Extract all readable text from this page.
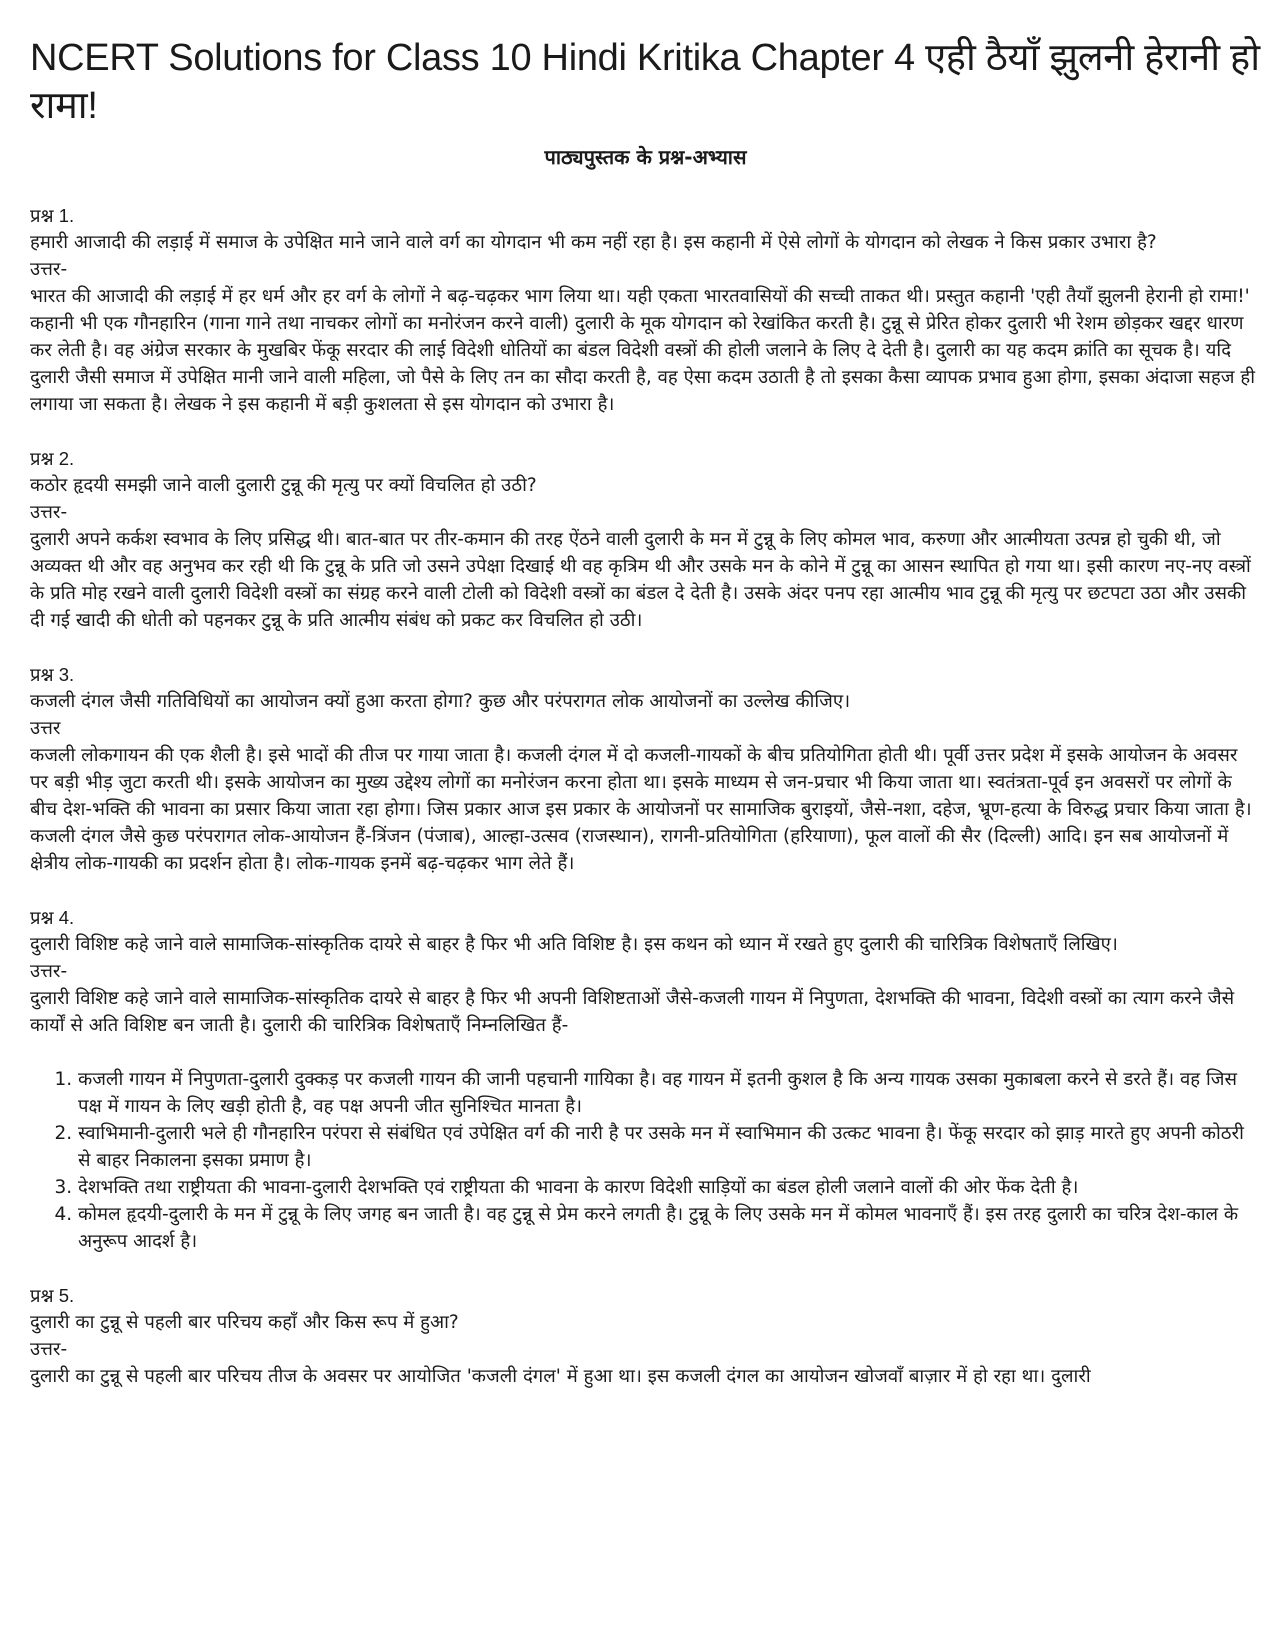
NCERT Solutions for Class 10 Hindi Kritika Chapter 4 एही ठैयाँ झुलनी हेरानी हो रामा!
पाठ्यपुस्तक के प्रश्न-अभ्यास

प्रश्न 1.

हमारी आजादी की लड़ाई में समाज के उपेक्षित माने जाने वाले वर्ग का योगदान भी कम नहीं रहा है। इस कहानी में ऐसे लोगों के योगदान को लेखक ने किस प्रकार उभारा है?

उत्तर-

भारत की आजादी की लड़ाई में हर धर्म और हर वर्ग के लोगों ने बढ़-चढ़कर भाग लिया था। यही एकता भारतवासियों की सच्ची ताकत थी। प्रस्तुत कहानी 'एही तैयाँ झुलनी हेरानी हो रामा!' कहानी भी एक गौनहारिन (गाना गाने तथा नाचकर लोगों का मनोरंजन करने वाली) दुलारी के मूक योगदान को रेखांकित करती है। टुन्नू से प्रेरित होकर दुलारी भी रेशम छोड़कर खद्दर धारण कर लेती है। वह अंग्रेज सरकार के मुखबिर फेंकू सरदार की लाई विदेशी धोतियों का बंडल विदेशी वस्त्रों की होली जलाने के लिए दे देती है। दुलारी का यह कदम क्रांति का सूचक है। यदि दुलारी जैसी समाज में उपेक्षित मानी जाने वाली महिला, जो पैसे के लिए तन का सौदा करती है, वह ऐसा कदम उठाती है तो इसका कैसा व्यापक प्रभाव हुआ होगा, इसका अंदाजा सहज ही लगाया जा सकता है। लेखक ने इस कहानी में बड़ी कुशलता से इस योगदान को उभारा है।

प्रश्न 2.

कठोर हृदयी समझी जाने वाली दुलारी टुन्नू की मृत्यु पर क्यों विचलित हो उठी?

उत्तर-

दुलारी अपने कर्कश स्वभाव के लिए प्रसिद्ध थी। बात-बात पर तीर-कमान की तरह ऐंठने वाली दुलारी के मन में टुन्नू के लिए कोमल भाव, करुणा और आत्मीयता उत्पन्न हो चुकी थी, जो अव्यक्त थी और वह अनुभव कर रही थी कि टुन्नू के प्रति जो उसने उपेक्षा दिखाई थी वह कृत्रिम थी और उसके मन के कोने में टुन्नू का आसन स्थापित हो गया था। इसी कारण नए-नए वस्त्रों के प्रति मोह रखने वाली दुलारी विदेशी वस्त्रों का संग्रह करने वाली टोली को विदेशी वस्त्रों का बंडल दे देती है। उसके अंदर पनप रहा आत्मीय भाव टुन्नू की मृत्यु पर छटपटा उठा और उसकी दी गई खादी की धोती को पहनकर टुन्नू के प्रति आत्मीय संबंध को प्रकट कर विचलित हो उठी।

प्रश्न 3.

कजली दंगल जैसी गतिविधियों का आयोजन क्यों हुआ करता होगा? कुछ और परंपरागत लोक आयोजनों का उल्लेख कीजिए।

उत्तर

कजली लोकगायन की एक शैली है। इसे भादों की तीज पर गाया जाता है। कजली दंगल में दो कजली-गायकों के बीच प्रतियोगिता होती थी। पूर्वी उत्तर प्रदेश में इसके आयोजन के अवसर पर बड़ी भीड़ जुटा करती थी। इसके आयोजन का मुख्य उद्देश्य लोगों का मनोरंजन करना होता था। इसके माध्यम से जन-प्रचार भी किया जाता था। स्वतंत्रता-पूर्व इन अवसरों पर लोगों के बीच देश-भक्ति की भावना का प्रसार किया जाता रहा होगा। जिस प्रकार आज इस प्रकार के आयोजनों पर सामाजिक बुराइयों, जैसे-नशा, दहेज, भ्रूण-हत्या के विरुद्ध प्रचार किया जाता है। कजली दंगल जैसे कुछ परंपरागत लोक-आयोजन हैं-त्रिंजन (पंजाब), आल्हा-उत्सव (राजस्थान), रागनी-प्रतियोगिता (हरियाणा), फूल वालों की सैर (दिल्ली) आदि। इन सब आयोजनों में क्षेत्रीय लोक-गायकी का प्रदर्शन होता है। लोक-गायक इनमें बढ़-चढ़कर भाग लेते हैं।

प्रश्न 4.

दुलारी विशिष्ट कहे जाने वाले सामाजिक-सांस्कृतिक दायरे से बाहर है फिर भी अति विशिष्ट है। इस कथन को ध्यान में रखते हुए दुलारी की चारित्रिक विशेषताएँ लिखिए।

उत्तर-

दुलारी विशिष्ट कहे जाने वाले सामाजिक-सांस्कृतिक दायरे से बाहर है फिर भी अपनी विशिष्टताओं जैसे-कजली गायन में निपुणता, देशभक्ति की भावना, विदेशी वस्त्रों का त्याग करने जैसे कार्यों से अति विशिष्ट बन जाती है। दुलारी की चारित्रिक विशेषताएँ निम्नलिखित हैं-

1. कजली गायन में निपुणता-दुलारी दुक्कड़ पर कजली गायन की जानी पहचानी गायिका है। वह गायन में इतनी कुशल है कि अन्य गायक उसका मुकाबला करने से डरते हैं। वह जिस पक्ष में गायन के लिए खड़ी होती है, वह पक्ष अपनी जीत सुनिश्चित मानता है।
2. स्वाभिमानी-दुलारी भले ही गौनहारिन परंपरा से संबंधित एवं उपेक्षित वर्ग की नारी है पर उसके मन में स्वाभिमान की उत्कट भावना है। फेंकू सरदार को झाड़ मारते हुए अपनी कोठरी से बाहर निकालना इसका प्रमाण है।
3. देशभक्ति तथा राष्ट्रीयता की भावना-दुलारी देशभक्ति एवं राष्ट्रीयता की भावना के कारण विदेशी साड़ियों का बंडल होली जलाने वालों की ओर फेंक देती है।
4. कोमल हृदयी-दुलारी के मन में टुन्नू के लिए जगह बन जाती है। वह टुन्नू से प्रेम करने लगती है। टुन्नू के लिए उसके मन में कोमल भावनाएँ हैं। इस तरह दुलारी का चरित्र देश-काल के अनुरूप आदर्श है।

प्रश्न 5.

दुलारी का टुन्नू से पहली बार परिचय कहाँ और किस रूप में हुआ?

उत्तर-

दुलारी का टुन्नू से पहली बार परिचय तीज के अवसर पर आयोजित 'कजली दंगल' में हुआ था। इस कजली दंगल का आयोजन खोजवाँ बाज़ार में हो रहा था। दुलारी
